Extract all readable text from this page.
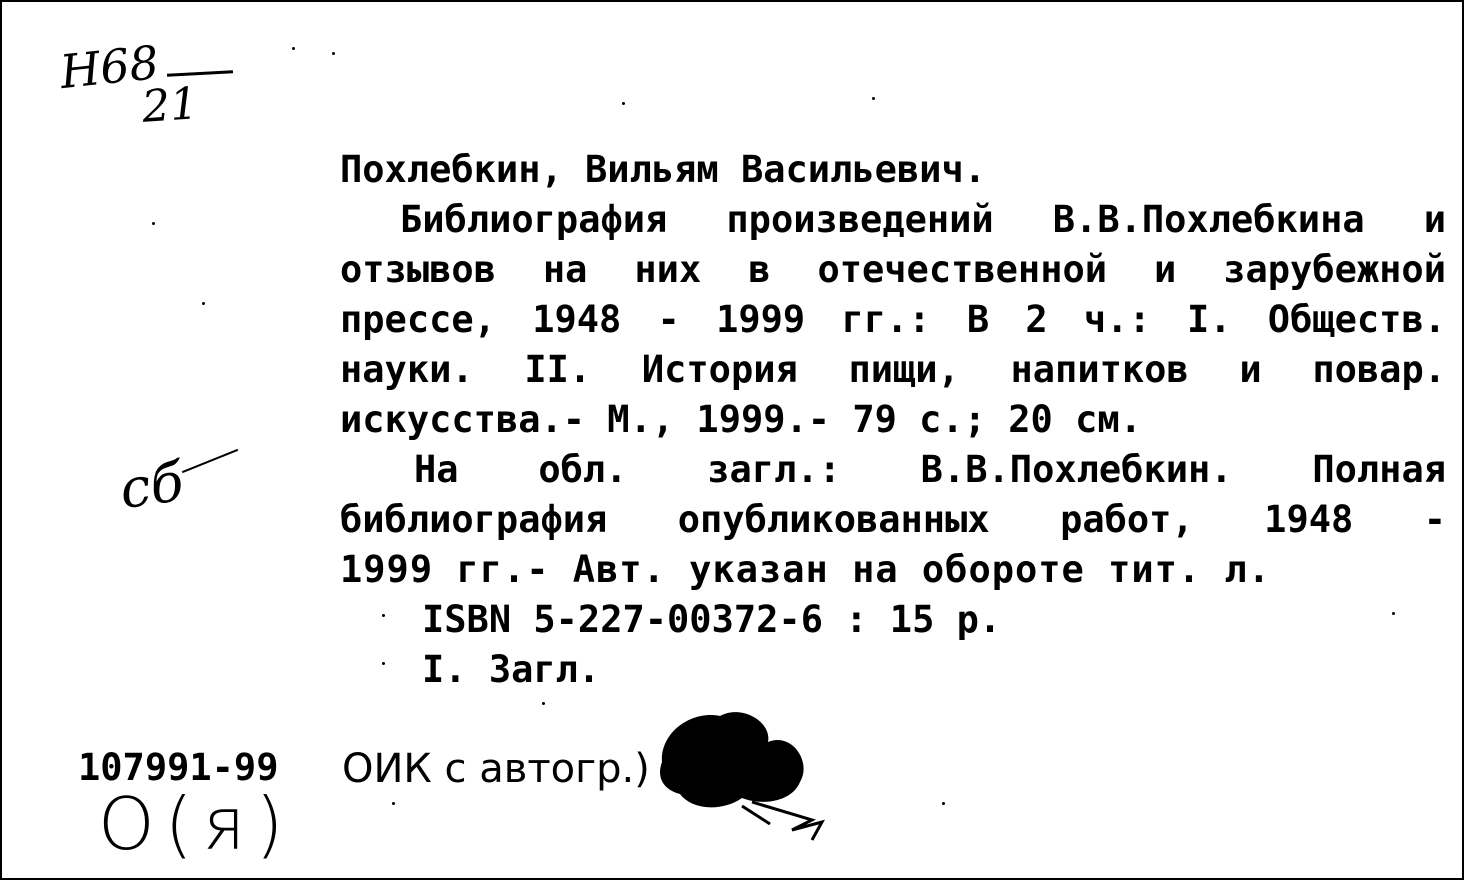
Н68
21
Похлебкин, Вильям Васильевич.
Библиография произведений В.В.Похлебкина и
отзывов на них в отечественной и зарубежной
прессе, 1948 - 1999 гг.: В 2 ч.: I. Обществ.
науки. II. История пищи, напитков и повар.
искусства.- М., 1999.- 79 с.; 20 см.
На обл. загл.: В.В.Похлебкин. Полная
библиография опубликованных работ, 1948 -
1999 гг.- Авт. указан на обороте тит. л.
ISBN 5-227-00372-6 : 15 р.
I. Загл.
сб
107991-99
О(я)
ОИК с автогр.)
